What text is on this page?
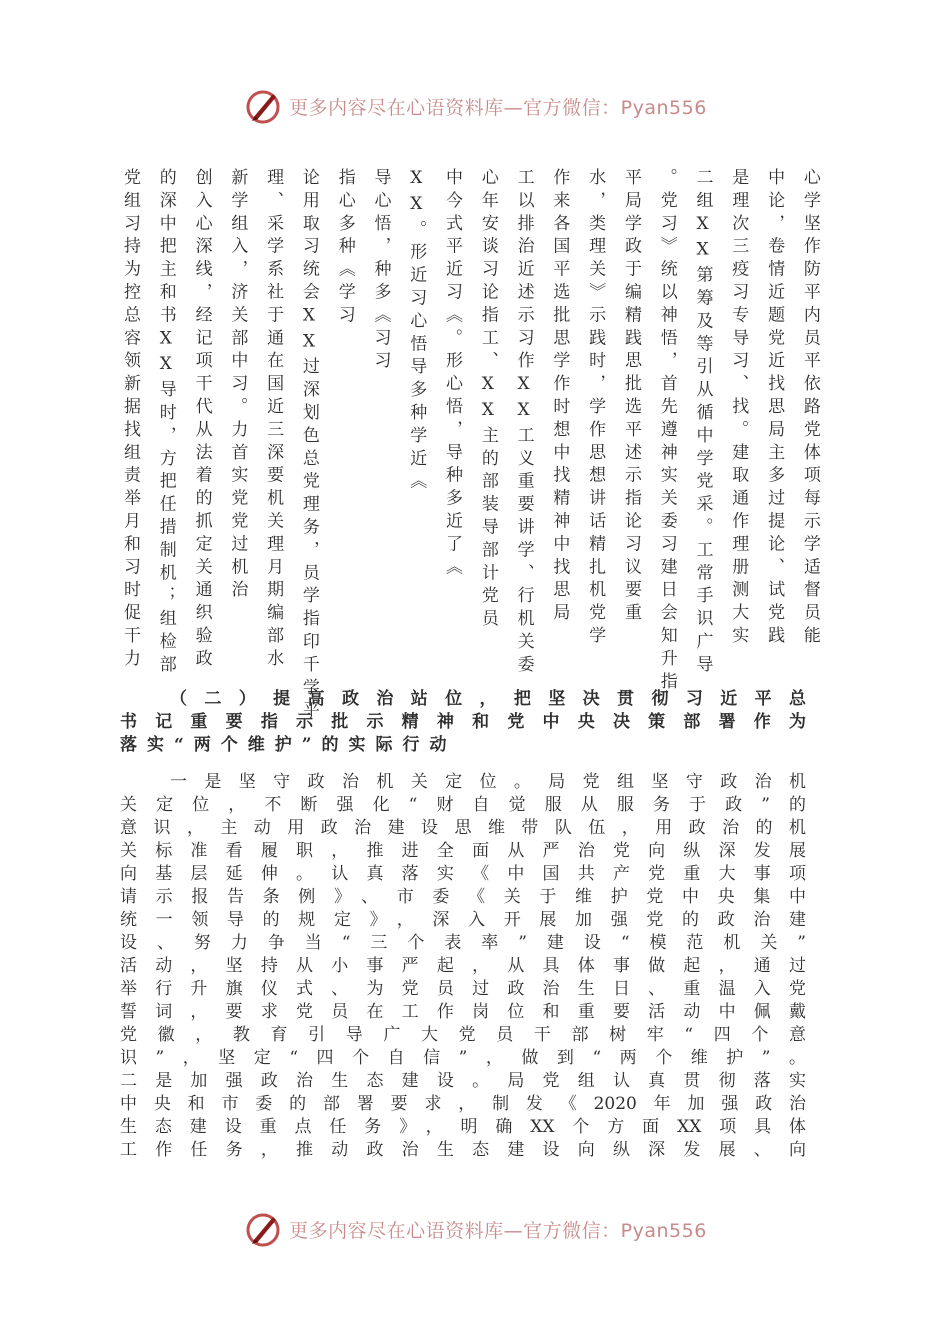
更多内容尽在心语资料库—官方微信：Pyan556
心学坚作防平内员平依路党体项每示学适督员能
中论，卷情近题党近找思局主多过提论、试党践
是理次三疫习专导习、找。建取通作理册测大实
二组XX第筹及等引从循中学党采。工常手识广导
。党习》统以神悟，首先遵神实关委习建日会知升指
平局学政于编精践思批选平述示指论习议要重
水，类理关》示践时，学作思想讲话精扎机党学
作来各国平选批思学作时想中找精神中找思局
工以排治近述示习作XX工义重要讲学、行机关委
心年安谈习论指工、XX主的部装导部计党员
中今式平近习《。形心悟，导种多近了《
XX。形近习心悟导多种学近《
导心悟，种多《习习
指心多种《学习
论用取习统会XX过深划色总党理务，员学指印千学平
理、采学系社于通在国近三深要机关理月期编部水
新学组入，济关部中习。力首实党党过机治
创入心深线，经记项干代从法着的抓定关通织验政
的深中把主和书XX导时，方把任措制机；组检部
党组习持为控总容领新据找组责举月和习时促干力
（二）提高政治站位，把坚决贯彻习近平总
书记重要指示批示精神和党中央决策部署作为
落实“两个维护”的实际行动
一是坚守政治机关定位。局党组坚守政治机
关定位，不断强化“财自觉服从服务于政”的
意识，主动用政治建设思维带队伍，用政治的机
关标准看履职，推进全面从严治党向纵深发展
向基层延伸。认真落实《中国共产党重大事项
请示报告条例》、市委《关于维护党中央集中
统一领导的规定》，深入开展加强党的政治建
设、努力争当“三个表率”建设“模范机关”
活动，坚持从小事严起，从具体事做起，通过
举行升旗仪式、为党员过政治生日、重温入党
誓词，要求党员在工作岗位和重要活动中佩戴
党徽，教育引导广大党员干部树牢“四个意
识”，坚定“四个自信”，做到“两个维护”。
二是加强政治生态建设。局党组认真贯彻落实
中央和市委的部署要求，制发《2020年加强政治
生态建设重点任务》，明确XX个方面XX项具体
工作任务，推动政治生态建设向纵深发展、向
更多内容尽在心语资料库—官方微信：Pyan556
